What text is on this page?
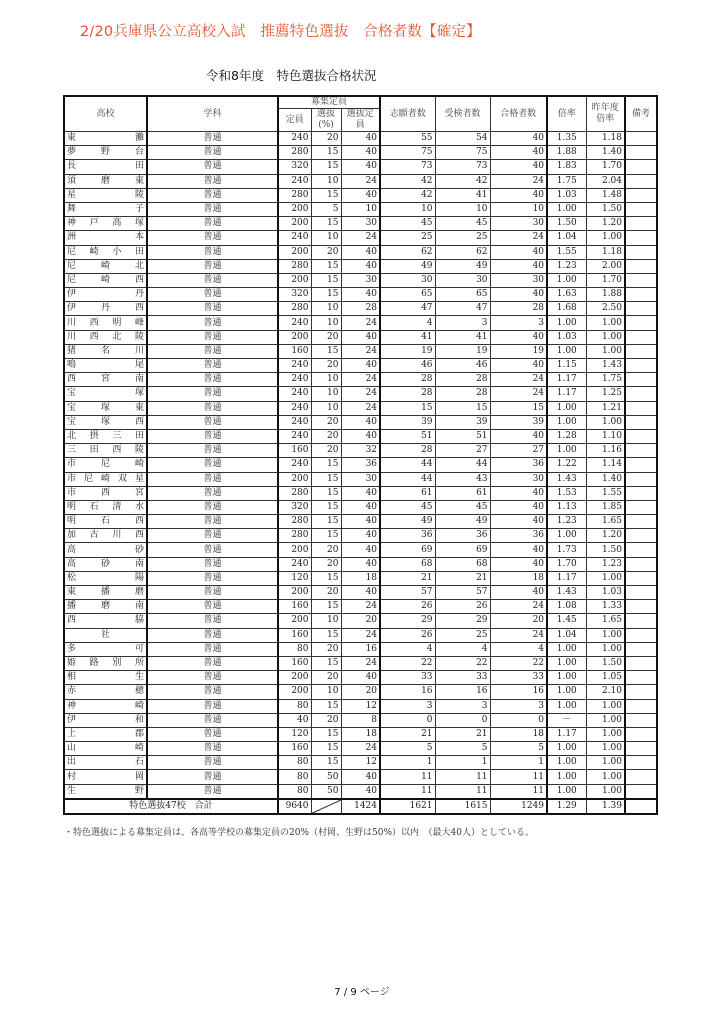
2/20兵庫県公立高校入試　推薦特色選抜　合格者数【確定】
令和8年度　特色選抜合格状況
高校	学科	募集定員			志願者数	受検者数	合格者数	倍率	昨年度倍率	備考
		定員	選抜(%)	選抜定員						

東 灘	普通	240	20	40	55	54	40	1.35	1.18	

夢 野 台	普通	280	15	40	75	75	40	1.88	1.40	

長 田	普通	320	15	40	73	73	40	1.83	1.70	

須 磨 東	普通	240	10	24	42	42	24	1.75	2.04	

星 陵	普通	280	15	40	42	41	40	1.03	1.48	

舞 子	普通	200	5	10	10	10	10	1.00	1.50	

神 戸 高 塚	普通	200	15	30	45	45	30	1.50	1.20	

洲 本	普通	240	10	24	25	25	24	1.04	1.00	

尼 崎 小 田	普通	200	20	40	62	62	40	1.55	1.18	

尼 崎 北	普通	280	15	40	49	49	40	1.23	2.00	

尼 崎 西	普通	200	15	30	30	30	30	1.00	1.70	

伊 丹	普通	320	15	40	65	65	40	1.63	1.88	

伊 丹 西	普通	280	10	28	47	47	28	1.68	2.50	

川 西 明 峰	普通	240	10	24	4	3	3	1.00	1.00	

川 西 北 陵	普通	200	20	40	41	41	40	1.03	1.00	

猪 名 川	普通	160	15	24	19	19	19	1.00	1.00	

鳴 尾	普通	240	20	40	46	46	40	1.15	1.43	

西 宮 南	普通	240	10	24	28	28	24	1.17	1.75	

宝 塚	普通	240	10	24	28	28	24	1.17	1.25	

宝 塚 東	普通	240	10	24	15	15	15	1.00	1.21	

宝 塚 西	普通	240	20	40	39	39	39	1.00	1.00	

北 摂 三 田	普通	240	20	40	51	51	40	1.28	1.10	

三 田 西 陵	普通	160	20	32	28	27	27	1.00	1.16	

市 尼 崎	普通	240	15	36	44	44	36	1.22	1.14	

市 尼 崎 双 星	普通	200	15	30	44	43	30	1.43	1.40	

市 西 宮	普通	280	15	40	61	61	40	1.53	1.55	

明 石 清 水	普通	320	15	40	45	45	40	1.13	1.85	

明 石 西	普通	280	15	40	49	49	40	1.23	1.65	

加 古 川 西	普通	280	15	40	36	36	36	1.00	1.20	

高 砂	普通	200	20	40	69	69	40	1.73	1.50	

高 砂 南	普通	240	20	40	68	68	40	1.70	1.23	

松 陽	普通	120	15	18	21	21	18	1.17	1.00	

東 播 磨	普通	200	20	40	57	57	40	1.43	1.03	

播 磨 南	普通	160	15	24	26	26	24	1.08	1.33	

西 脇	普通	200	10	20	29	29	20	1.45	1.65	

社	普通	160	15	24	26	25	24	1.04	1.00	

多 可	普通	80	20	16	4	4	4	1.00	1.00	

姫 路 別 所	普通	160	15	24	22	22	22	1.00	1.50	

相 生	普通	200	20	40	33	33	33	1.00	1.05	

赤 穂	普通	200	10	20	16	16	16	1.00	2.10	

神 崎	普通	80	15	12	3	3	3	1.00	1.00	

伊 和	普通	40	20	8	0	0	0	－	1.00	

上 郡	普通	120	15	18	21	21	18	1.17	1.00	

山 崎	普通	160	15	24	5	5	5	1.00	1.00	

出 石	普通	80	15	12	1	1	1	1.00	1.00	

村 岡	普通	80	50	40	11	11	11	1.00	1.00	

生 野	普通	80	50	40	11	11	11	1.00	1.00	
特色選抜47校　合計		9640		1424	1621	1615	1249	1.29	1.39	
・特色選抜による募集定員は、各高等学校の募集定員の20%（村岡、生野は50%）以内　（最大40人）としている。
7 / 9 ページ
